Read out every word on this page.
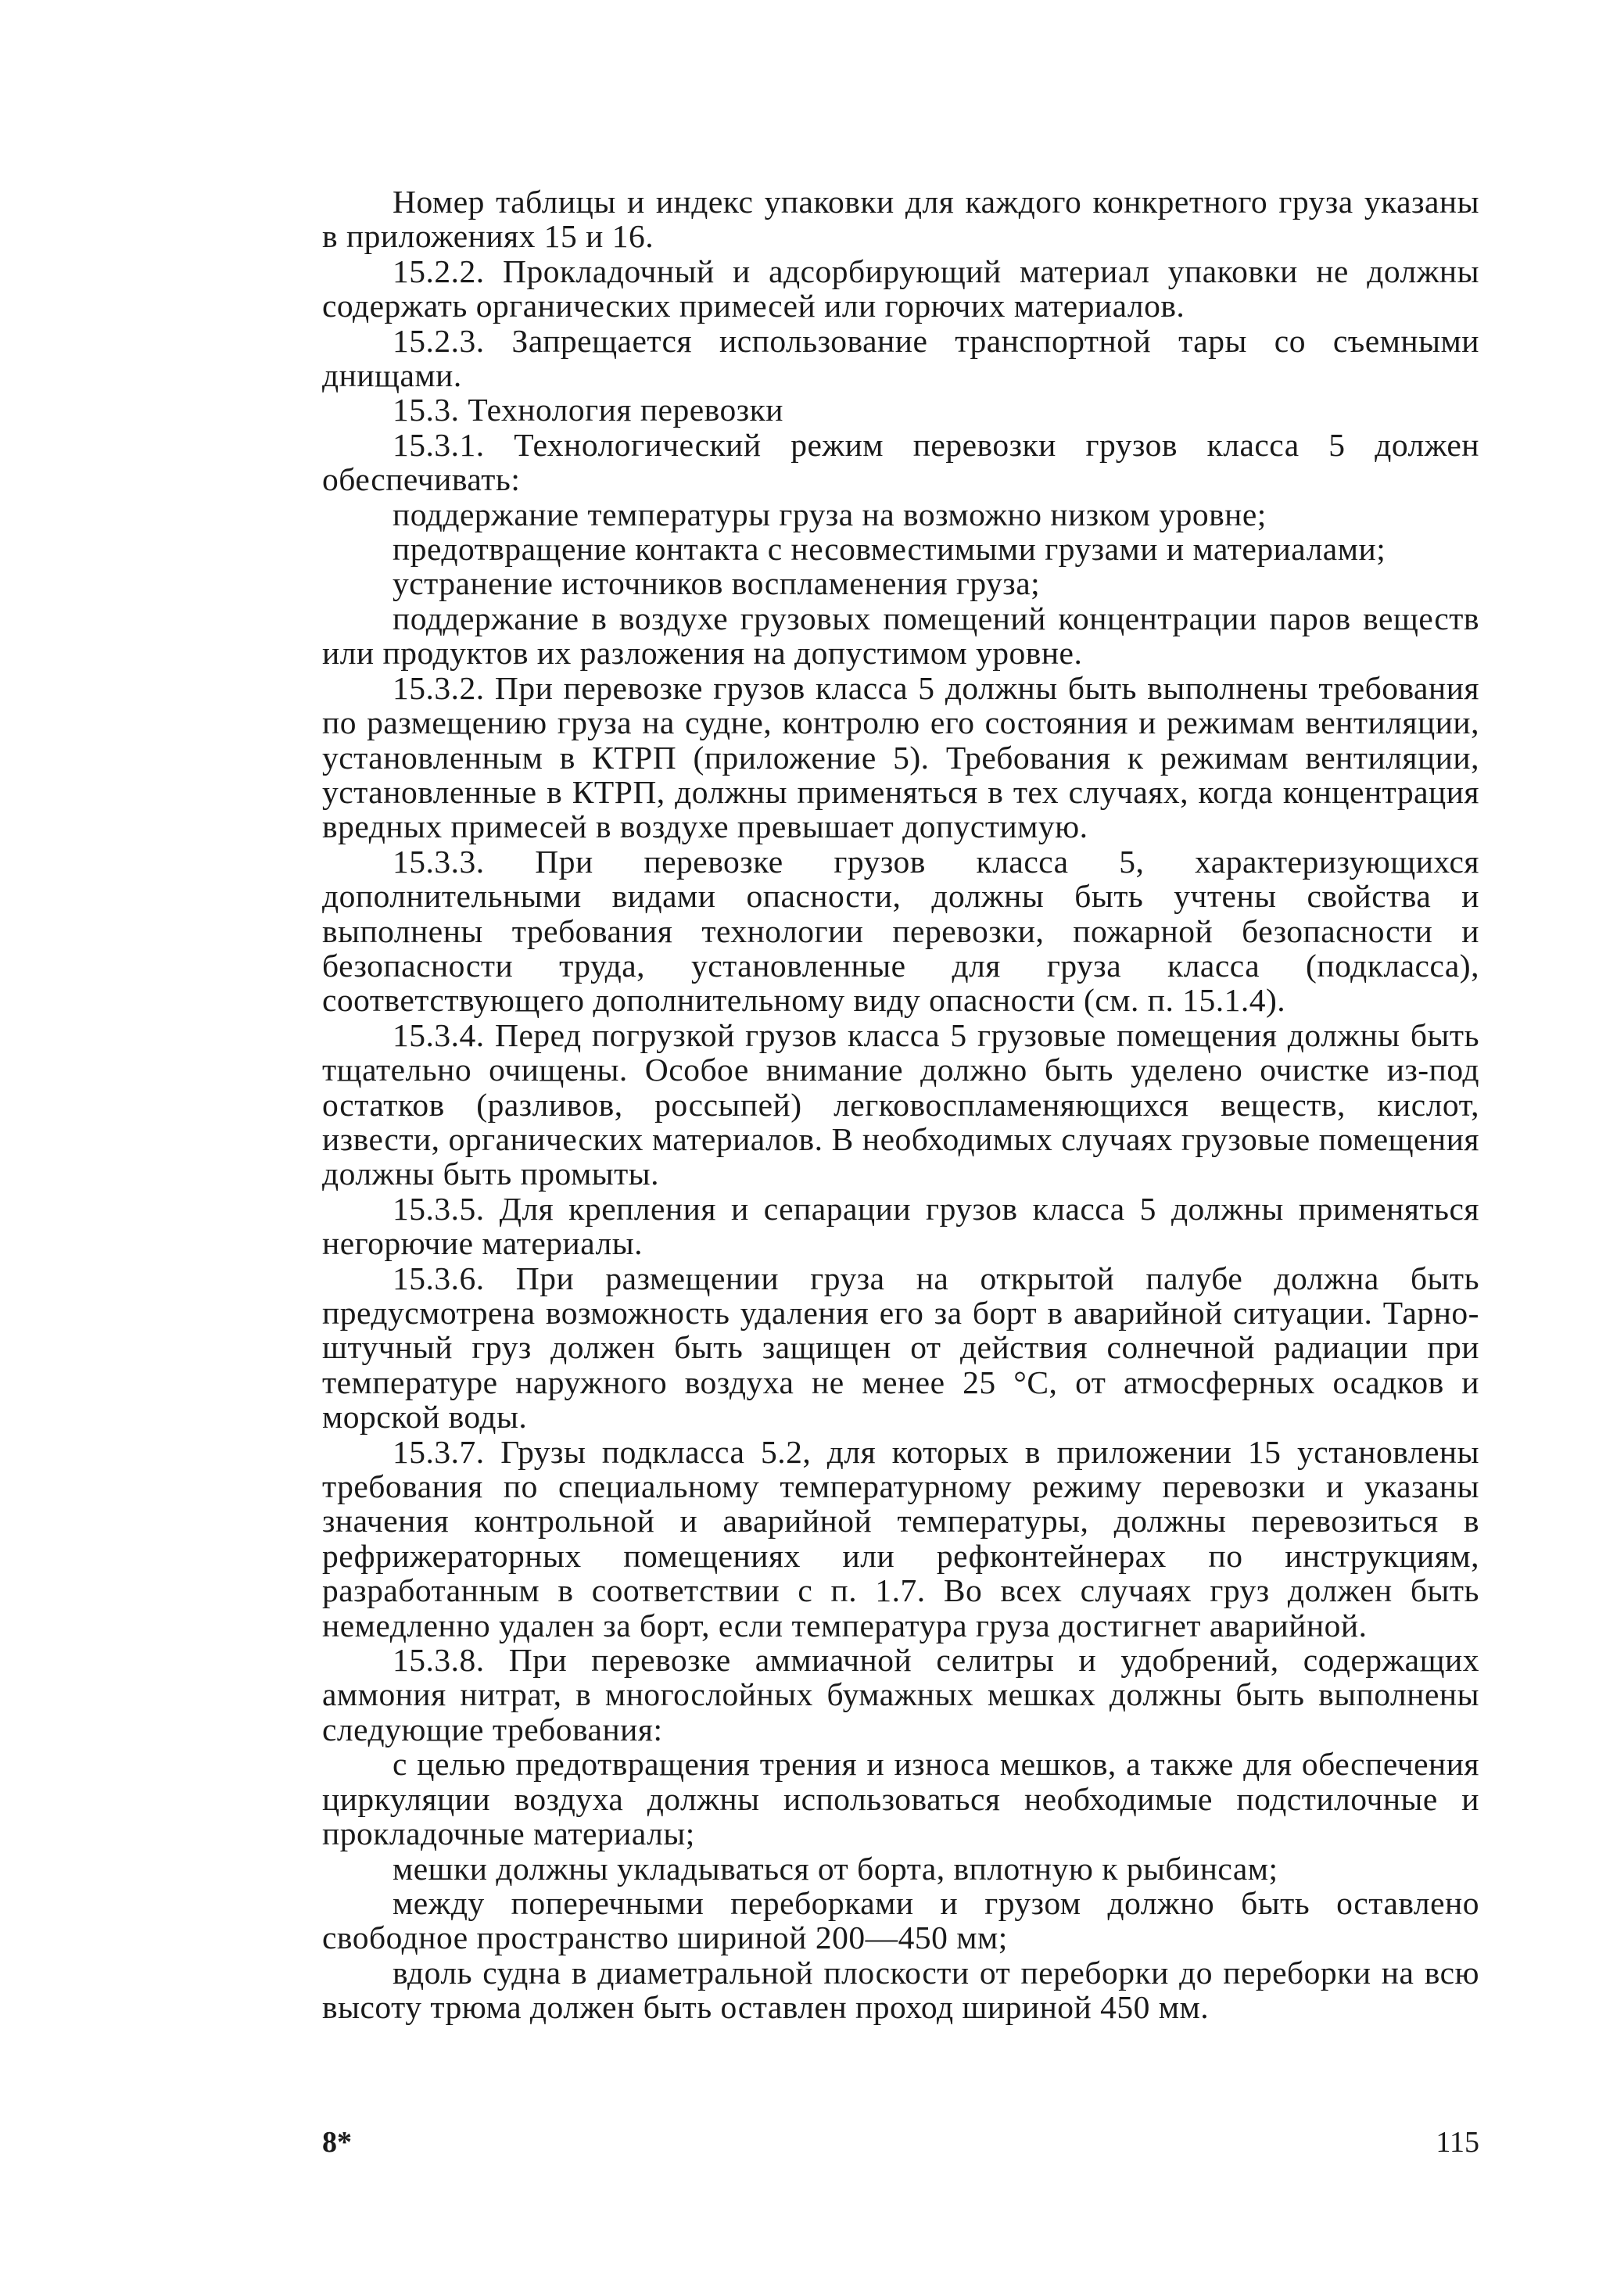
Номер таблицы и индекс упаковки для каждого конкретного груза указаны в приложениях 15 и 16.

15.2.2. Прокладочный и адсорбирующий материал упаковки не должны содержать органических примесей или горючих материалов.

15.2.3. Запрещается использование транспортной тары со съемными днищами.

15.3. Технология перевозки

15.3.1. Технологический режим перевозки грузов класса 5 должен обеспечивать:

поддержание температуры груза на возможно низком уровне;

предотвращение контакта с несовместимыми грузами и материалами;

устранение источников воспламенения груза;

поддержание в воздухе грузовых помещений концентрации паров веществ или продуктов их разложения на допустимом уровне.

15.3.2. При перевозке грузов класса 5 должны быть выполнены требования по размещению груза на судне, контролю его состояния и режимам вентиляции, установленным в КТРП (приложение 5). Требования к режимам вентиляции, установленные в КТРП, должны применяться в тех случаях, когда концентрация вредных примесей в воздухе превышает допустимую.

15.3.3. При перевозке грузов класса 5, характеризующихся дополнительными видами опасности, должны быть учтены свойства и выполнены требования технологии перевозки, пожарной безопасности и безопасности труда, установленные для груза класса (подкласса), соответствующего дополнительному виду опасности (см. п. 15.1.4).

15.3.4. Перед погрузкой грузов класса 5 грузовые помещения должны быть тщательно очищены. Особое внимание должно быть уделено очистке из-под остатков (разливов, россыпей) легковоспламеняющихся веществ, кислот, извести, органических материалов. В необходимых случаях грузовые помещения должны быть промыты.

15.3.5. Для крепления и сепарации грузов класса 5 должны применяться негорючие материалы.

15.3.6. При размещении груза на открытой палубе должна быть предусмотрена возможность удаления его за борт в аварийной ситуации. Тарно-штучный груз должен быть защищен от действия солнечной радиации при температуре наружного воздуха не менее 25 °С, от атмосферных осадков и морской воды.

15.3.7. Грузы подкласса 5.2, для которых в приложении 15 установлены требования по специальному температурному режиму перевозки и указаны значения контрольной и аварийной температуры, должны перевозиться в рефрижераторных помещениях или рефконтейнерах по инструкциям, разработанным в соответствии с п. 1.7. Во всех случаях груз должен быть немедленно удален за борт, если температура груза достигнет аварийной.

15.3.8. При перевозке аммиачной селитры и удобрений, содержащих аммония нитрат, в многослойных бумажных мешках должны быть выполнены следующие требования:

с целью предотвращения трения и износа мешков, а также для обеспечения циркуляции воздуха должны использоваться необходимые подстилочные и прокладочные материалы;

мешки должны укладываться от борта, вплотную к рыбинсам;

между поперечными переборками и грузом должно быть оставлено свободное пространство шириной 200—450 мм;

вдоль судна в диаметральной плоскости от переборки до переборки на всю высоту трюма должен быть оставлен проход шириной 450 мм.

8*	115
